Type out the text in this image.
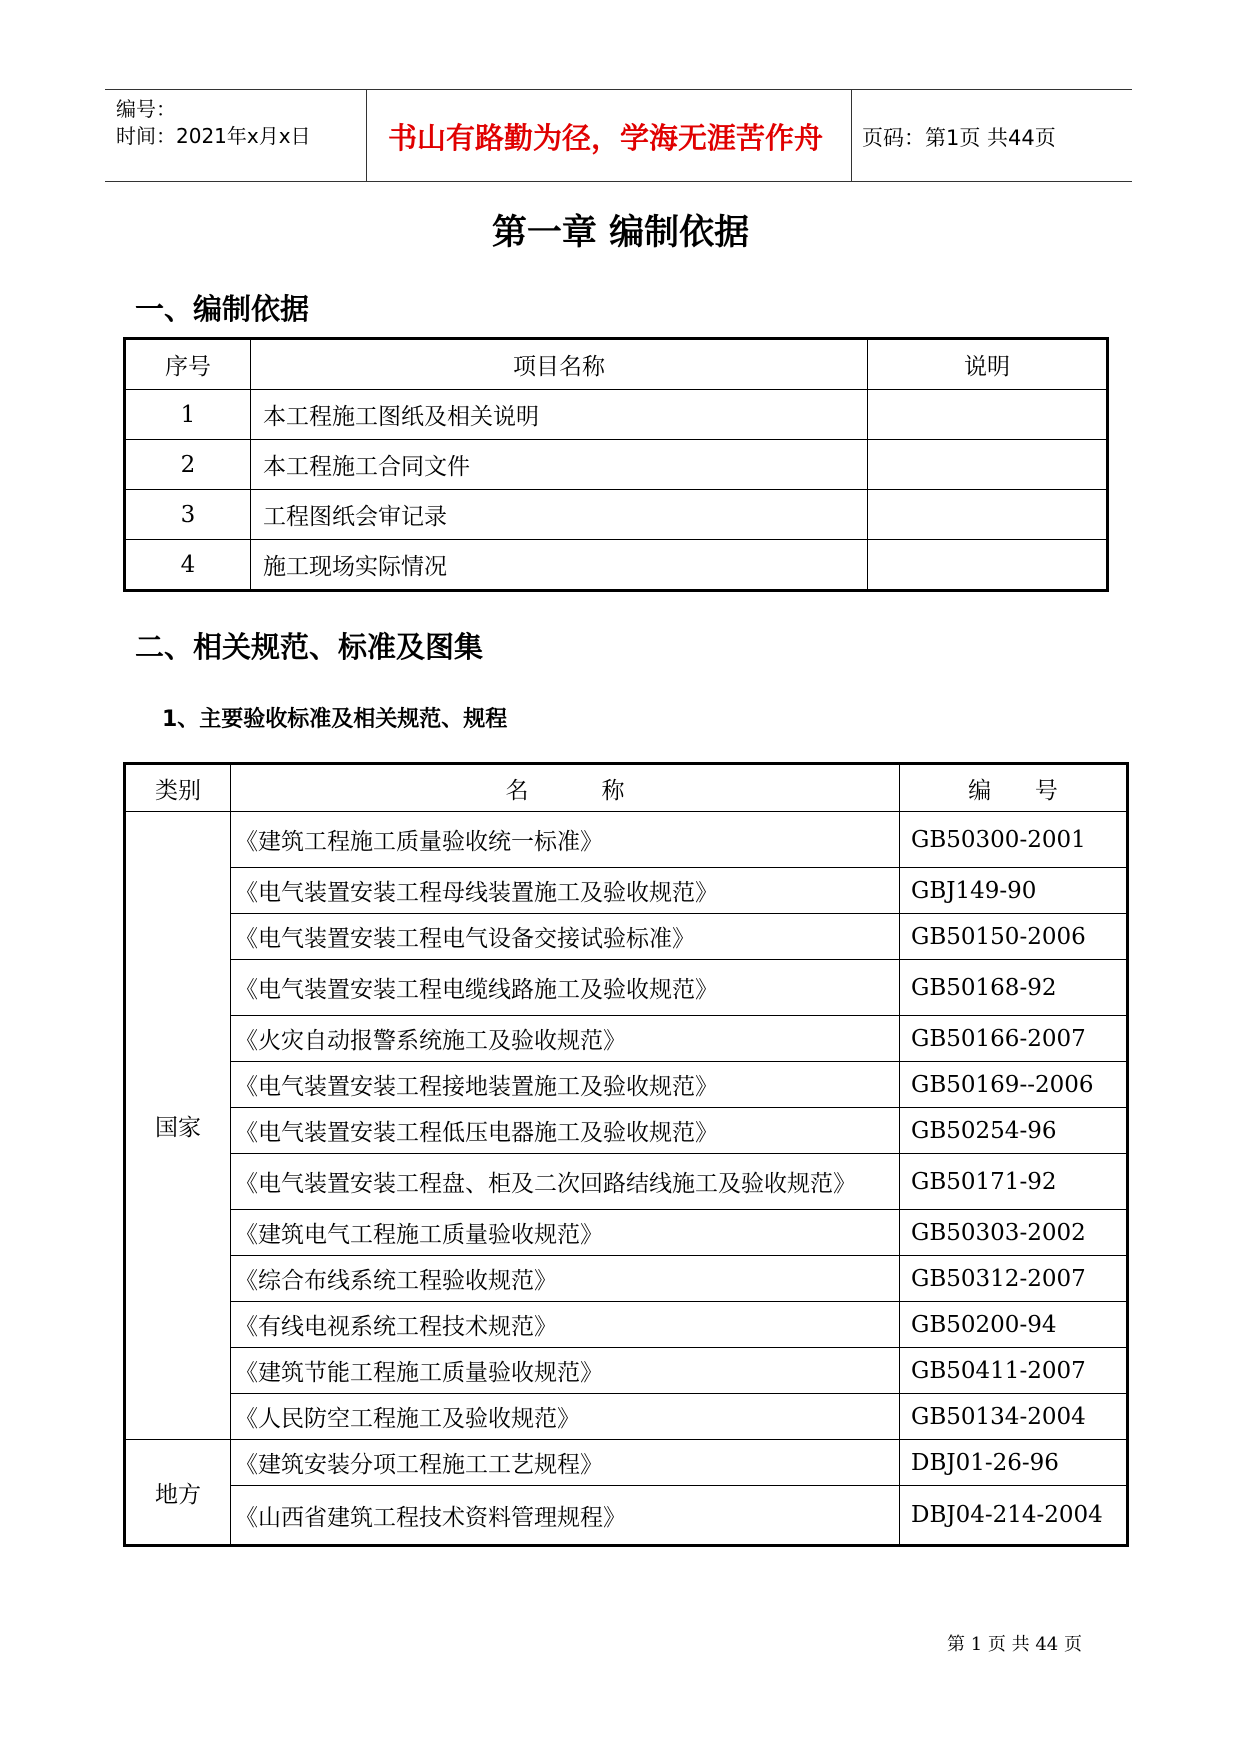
编号：
时间：2021年x月x日	书山有路勤为径，学海无涯苦作舟 页码：第1页 共44页
第一章 编制依据
一、编制依据
序号	项目名称	说明
1	本工程施工图纸及相关说明	
2	本工程施工合同文件	
3	工程图纸会审记录	
4	施工现场实际情况	
二、相关规范、标准及图集
1、主要验收标准及相关规范、规程
类别	名          称	编      号
国家	《建筑工程施工质量验收统一标准》	GB50300-2001
	《电气装置安装工程母线装置施工及验收规范》	GBJ149-90
	《电气装置安装工程电气设备交接试验标准》	GB50150-2006
	《电气装置安装工程电缆线路施工及验收规范》	GB50168-92
	《火灾自动报警系统施工及验收规范》	GB50166-2007
	《电气装置安装工程接地装置施工及验收规范》	GB50169--2006
	《电气装置安装工程低压电器施工及验收规范》	GB50254-96
	《电气装置安装工程盘、柜及二次回路结线施工及验收规范》	GB50171-92
	《建筑电气工程施工质量验收规范》	GB50303-2002
	《综合布线系统工程验收规范》	GB50312-2007
	《有线电视系统工程技术规范》	GB50200-94
	《建筑节能工程施工质量验收规范》	GB50411-2007
	《人民防空工程施工及验收规范》	GB50134-2004
地方	《建筑安装分项工程施工工艺规程》	DBJ01-26-96
	《山西省建筑工程技术资料管理规程》	DBJ04-214-2004
第 1 页 共 44 页
